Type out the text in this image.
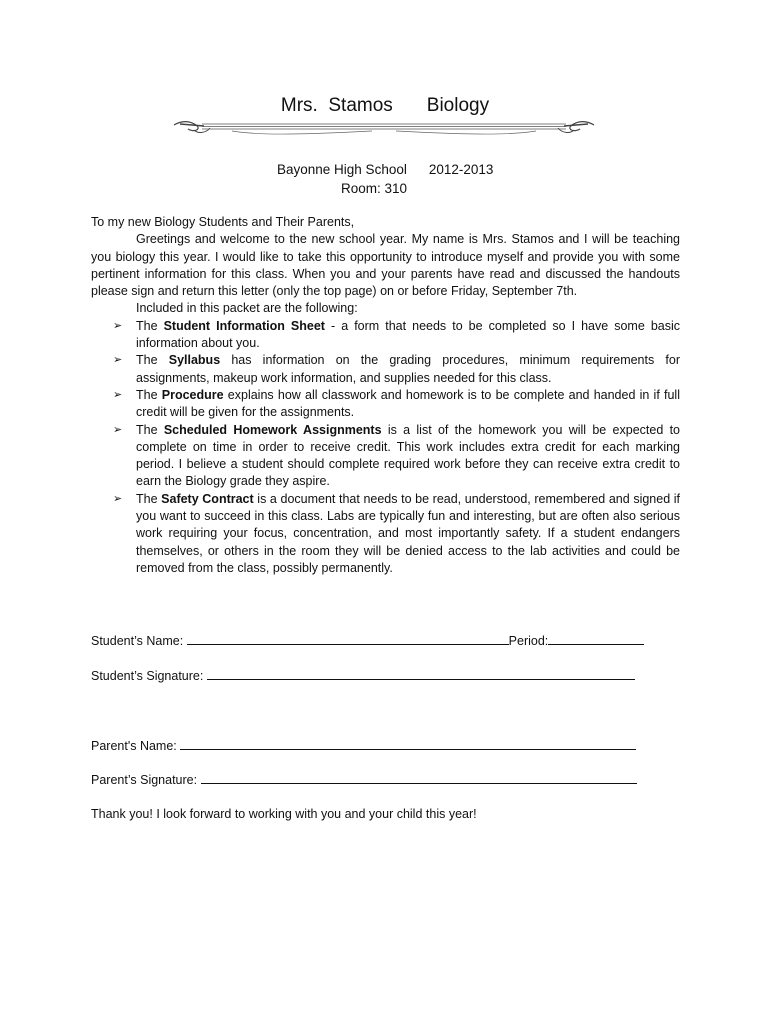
Mrs.  Stamos Biology
Bayonne High School 2012-2013
Room: 310

To my new Biology Students and Their Parents,

Greetings and welcome to the new school year. My name is Mrs. Stamos and I will be teaching you biology this year. I would like to take this opportunity to introduce myself and provide you with some pertinent information for this class. When you and your parents have read and discussed the handouts please sign and return this letter (only the top page) on or before Friday, September 7th.

Included in this packet are the following:

➢ The Student Information Sheet - a form that needs to be completed so I have some basic information about you.
➢ The Syllabus has information on the grading procedures, minimum requirements for assignments, makeup work information, and supplies needed for this class.
➢ The Procedure explains how all classwork and homework is to be complete and handed in if full credit will be given for the assignments.
➢ The Scheduled Homework Assignments is a list of the homework you will be expected to complete on time in order to receive credit. This work includes extra credit for each marking period. I believe a student should complete required work before they can receive extra credit to earn the Biology grade they aspire.
➢ The Safety Contract is a document that needs to be read, understood, remembered and signed if you want to succeed in this class. Labs are typically fun and interesting, but are often also serious work requiring your focus, concentration, and most importantly safety. If a student endangers themselves, or others in the room they will be denied access to the lab activities and could be removed from the class, possibly permanently.
Student’s Name:	Period:
Student’s Signature:
Parent's Name:
Parent’s Signature:
Thank you! I look forward to working with you and your child this year!
